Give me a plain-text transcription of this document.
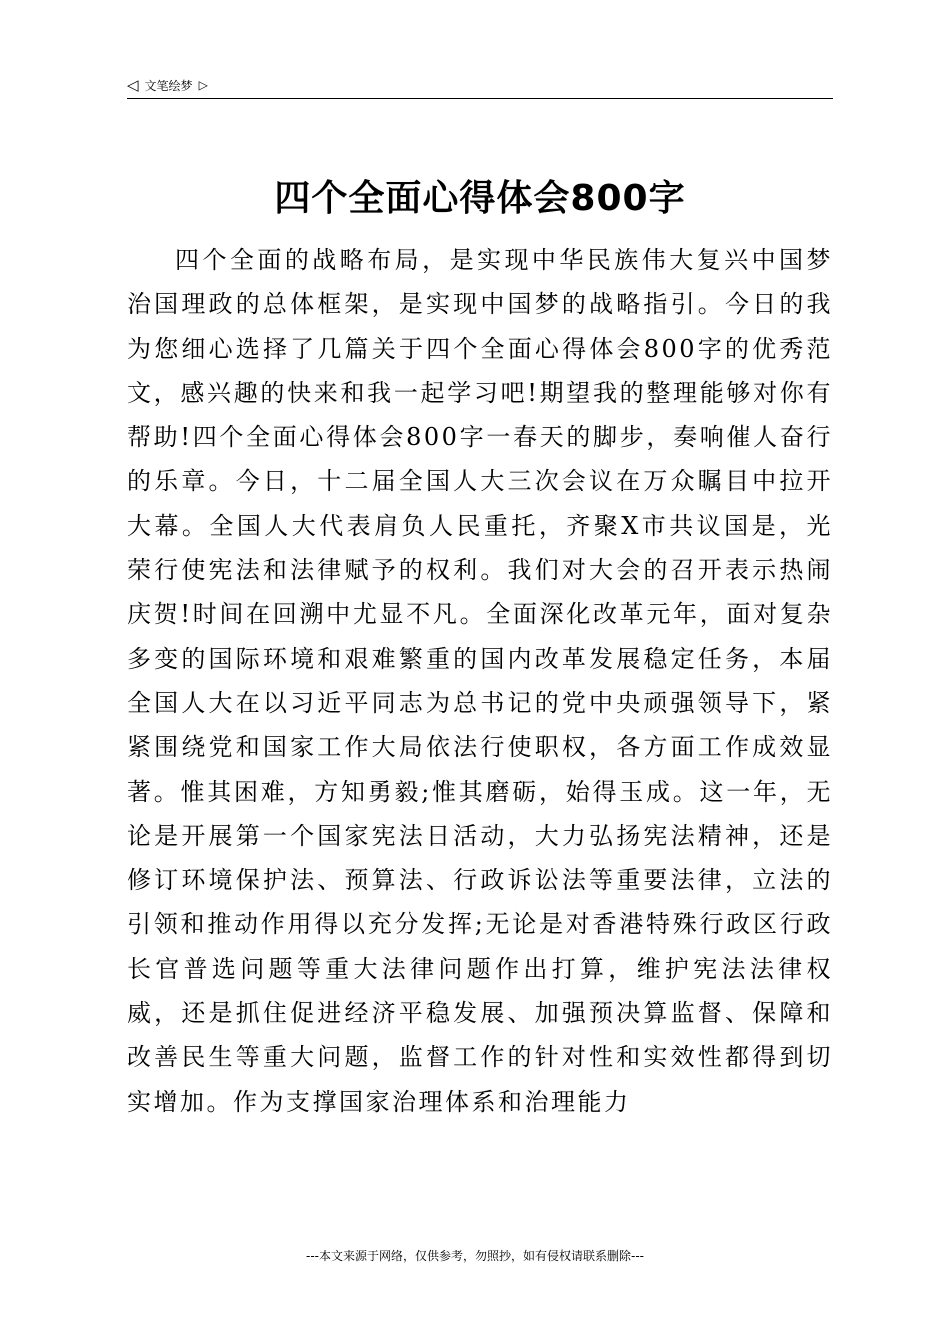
◁ 文笔绘梦 ▷
四个全面心得体会800字

四个全面的战略布局，是实现中华民族伟大复兴中国梦治国理政的总体框架，是实现中国梦的战略指引。今日的我为您细心选择了几篇关于四个全面心得体会800字的优秀范文，感兴趣的快来和我一起学习吧!期望我的整理能够对你有帮助!四个全面心得体会800字一春天的脚步，奏响催人奋行的乐章。今日，十二届全国人大三次会议在万众瞩目中拉开大幕。全国人大代表肩负人民重托，齐聚X市共议国是，光荣行使宪法和法律赋予的权利。我们对大会的召开表示热闹庆贺!时间在回溯中尤显不凡。全面深化改革元年，面对复杂多变的国际环境和艰难繁重的国内改革发展稳定任务，本届全国人大在以习近平同志为总书记的党中央顽强领导下，紧紧围绕党和国家工作大局依法行使职权，各方面工作成效显著。惟其困难，方知勇毅;惟其磨砺，始得玉成。这一年，无论是开展第一个国家宪法日活动，大力弘扬宪法精神，还是修订环境保护法、预算法、行政诉讼法等重要法律，立法的引领和推动作用得以充分发挥;无论是对香港特殊行政区行政长官普选问题等重大法律问题作出打算，维护宪法法律权威，还是抓住促进经济平稳发展、加强预决算监督、保障和改善民生等重大问题，监督工作的针对性和实效性都得到切实增加。作为支撑国家治理体系和治理能力

---本文来源于网络，仅供参考，勿照抄，如有侵权请联系删除---
